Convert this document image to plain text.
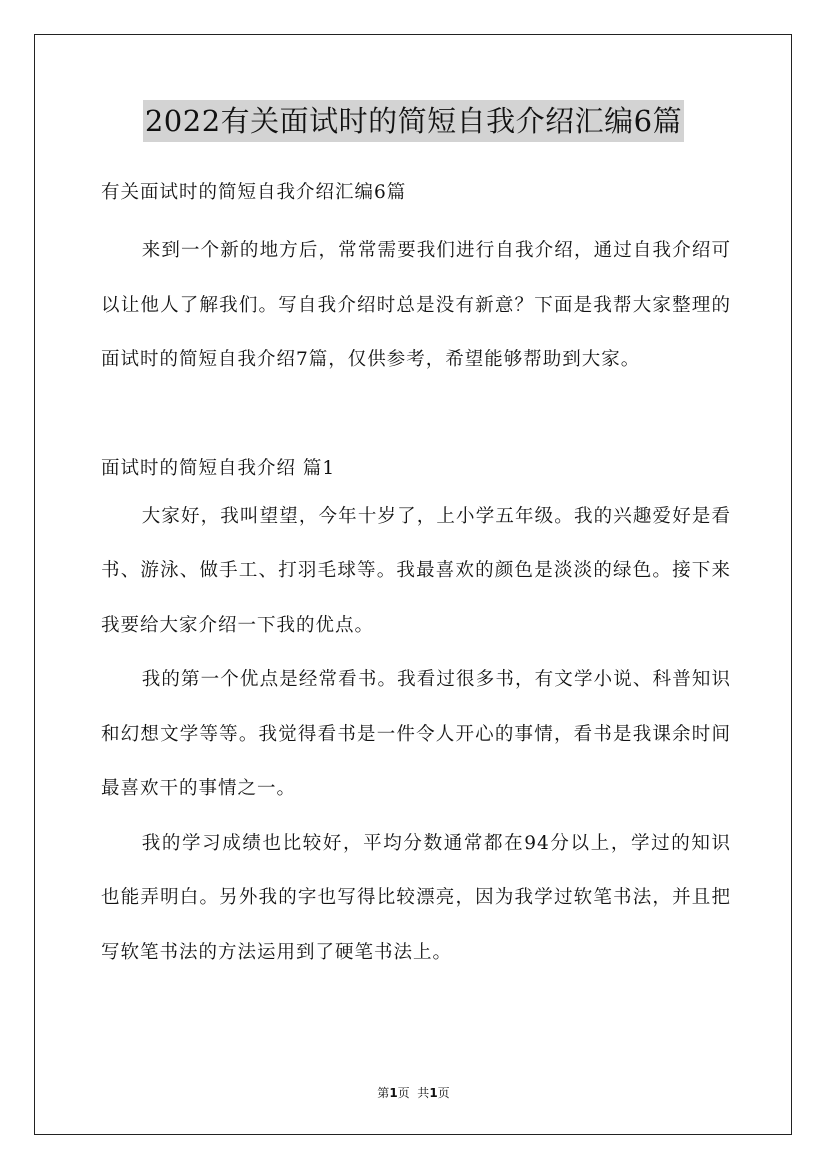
2022有关面试时的简短自我介绍汇编6篇

有关面试时的简短自我介绍汇编6篇

来到一个新的地方后，常常需要我们进行自我介绍，通过自我介绍可以让他人了解我们。写自我介绍时总是没有新意？下面是我帮大家整理的面试时的简短自我介绍7篇，仅供参考，希望能够帮助到大家。

面试时的简短自我介绍 篇1

大家好，我叫望望，今年十岁了，上小学五年级。我的兴趣爱好是看书、游泳、做手工、打羽毛球等。我最喜欢的颜色是淡淡的绿色。接下来我要给大家介绍一下我的优点。

我的第一个优点是经常看书。我看过很多书，有文学小说、科普知识和幻想文学等等。我觉得看书是一件令人开心的事情，看书是我课余时间最喜欢干的事情之一。

我的学习成绩也比较好，平均分数通常都在94分以上，学过的知识也能弄明白。另外我的字也写得比较漂亮，因为我学过软笔书法，并且把写软笔书法的方法运用到了硬笔书法上。

第1页  共1页
